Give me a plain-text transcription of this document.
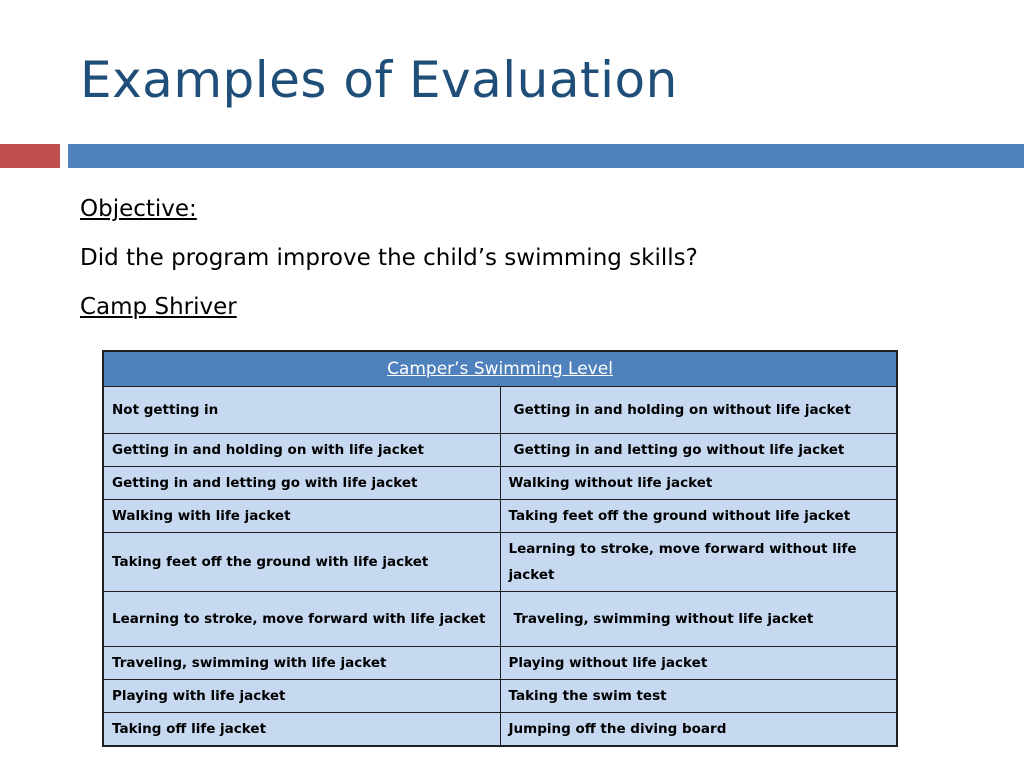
Examples of Evaluation

Objective:

Did the program improve the child’s swimming skills?

Camp Shriver

Camper’s Swimming Level	
Not getting in	Getting in and holding on without life jacket
Getting in and holding on with life jacket	Getting in and letting go without life jacket
Getting in and letting go with life jacket	Walking without life jacket
Walking with life jacket	Taking feet off the ground without life jacket
Taking feet off the ground with life jacket	Learning to stroke, move forward without life jacket
Learning to stroke, move forward with life jacket	Traveling, swimming without life jacket
Traveling, swimming with life jacket	Playing without life jacket
Playing with life jacket	Taking the swim test
Taking off life jacket	Jumping off the diving board
